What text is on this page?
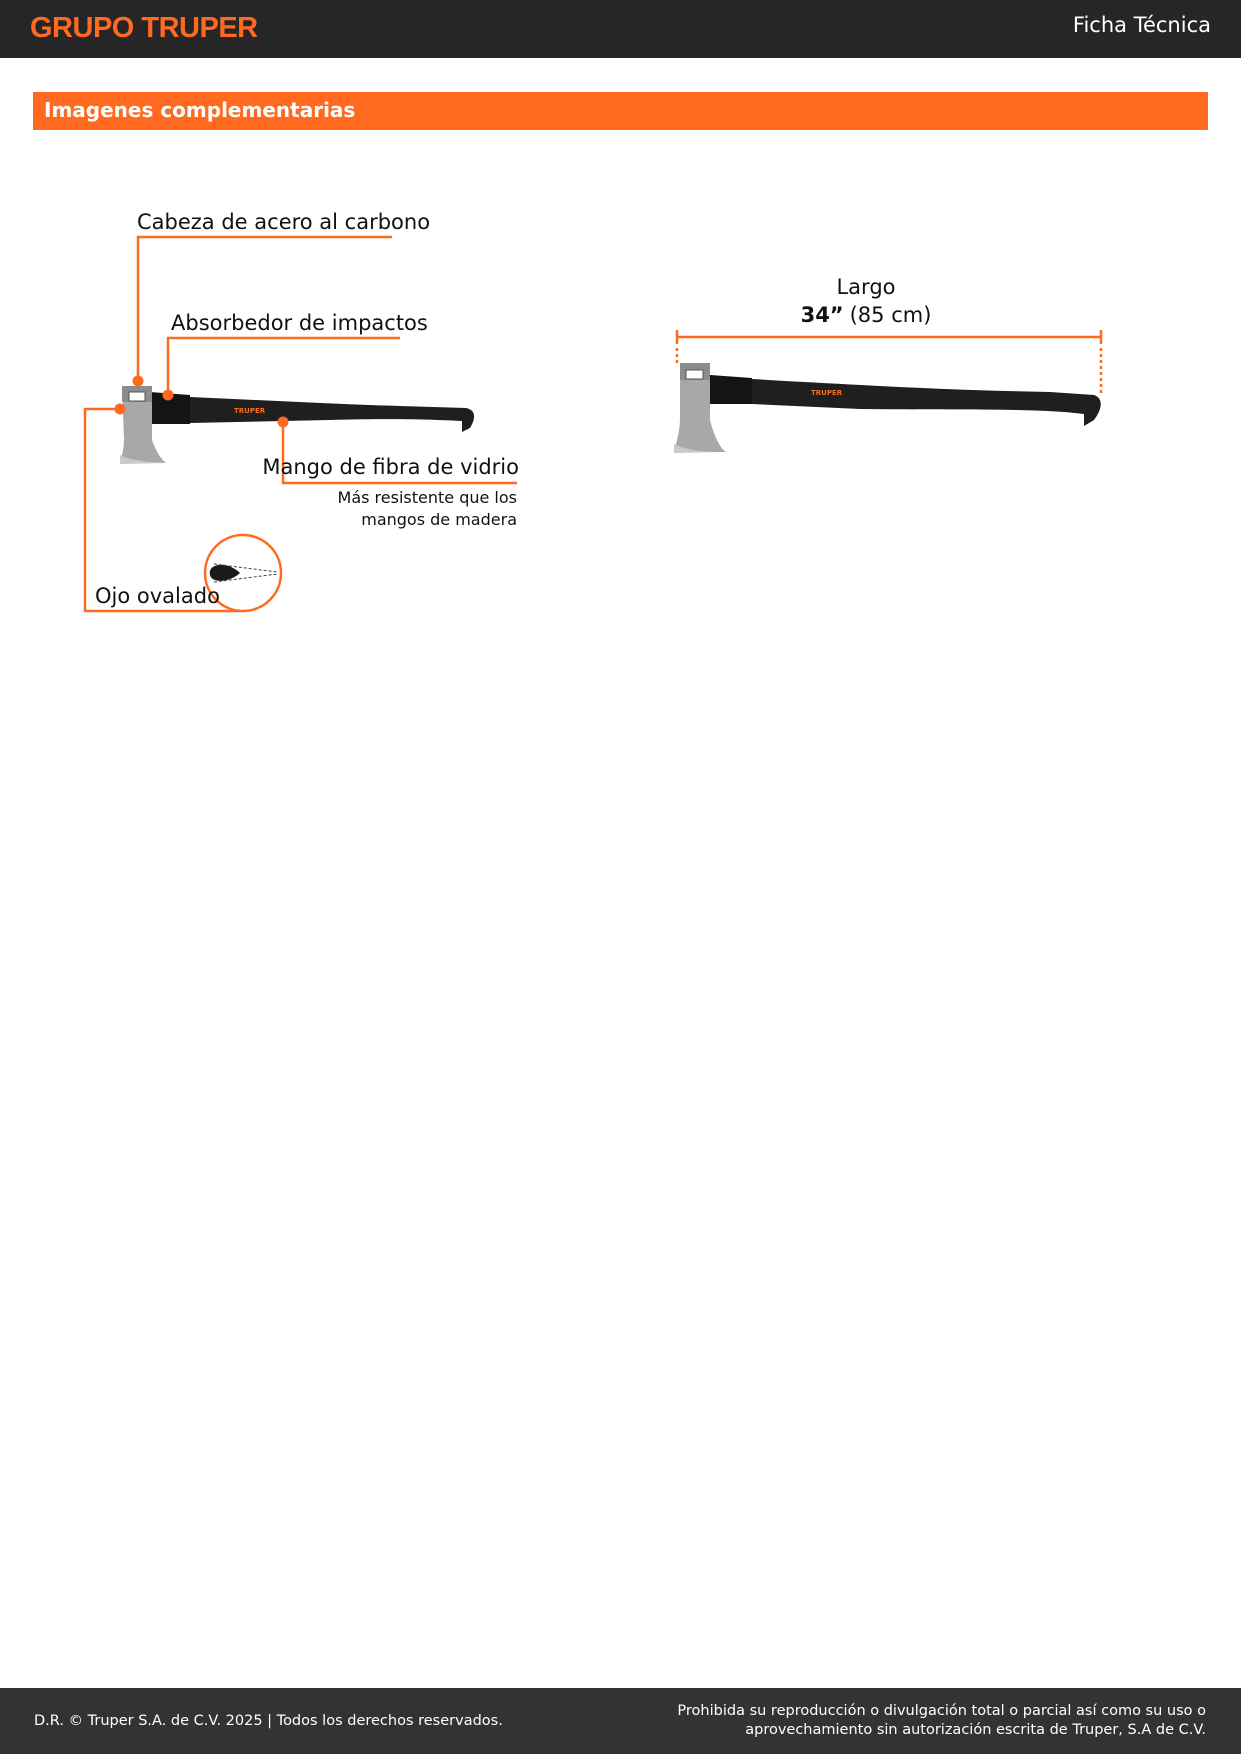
GRUPO TRUPER	Ficha Técnica
Imagenes complementarias
TRUPER
Cabeza de acero al carbono
Absorbedor de impactos
Mango de fibra de vidrio
Más resistente que los
mangos de madera
Ojo ovalado
TRUPER
Largo
34” (85 cm)
D.R. © Truper S.A. de C.V. 2025 | Todos los derechos reservados.
Prohibida su reproducción o divulgación total o parcial así como su uso o
aprovechamiento sin autorización escrita de Truper, S.A de C.V.
